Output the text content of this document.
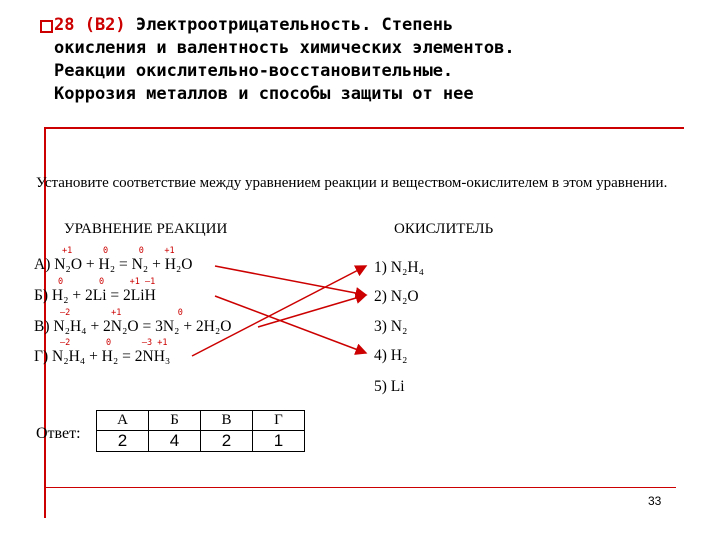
28 (B2) Электроотрицательность. Степень
окисления и валентность химических элементов.
Реакции окислительно-восстановительные.
Коррозия металлов и способы защиты от нее
Установите соответствие между уравнением реакции и веществом-окислителем в этом уравнении.
УРАВНЕНИЕ РЕАКЦИИ	ОКИСЛИТЕЛЬ
+1      0      0    +1
А) N₂O + H₂ = N₂ + H₂O
0       0     +1 –1
Б) H₂ + 2Li = 2LiH
–2        +1           0
В) N₂H₄ + 2N₂O = 3N₂ + 2H₂O
–2       0      –3 +1
Г) N₂H₄ + H₂ = 2NH₃
1) N₂H₄
2) N₂O
3) N₂
4) H₂
5) Li
Ответ:
А	Б	В	Г
2	4	2	1
33
